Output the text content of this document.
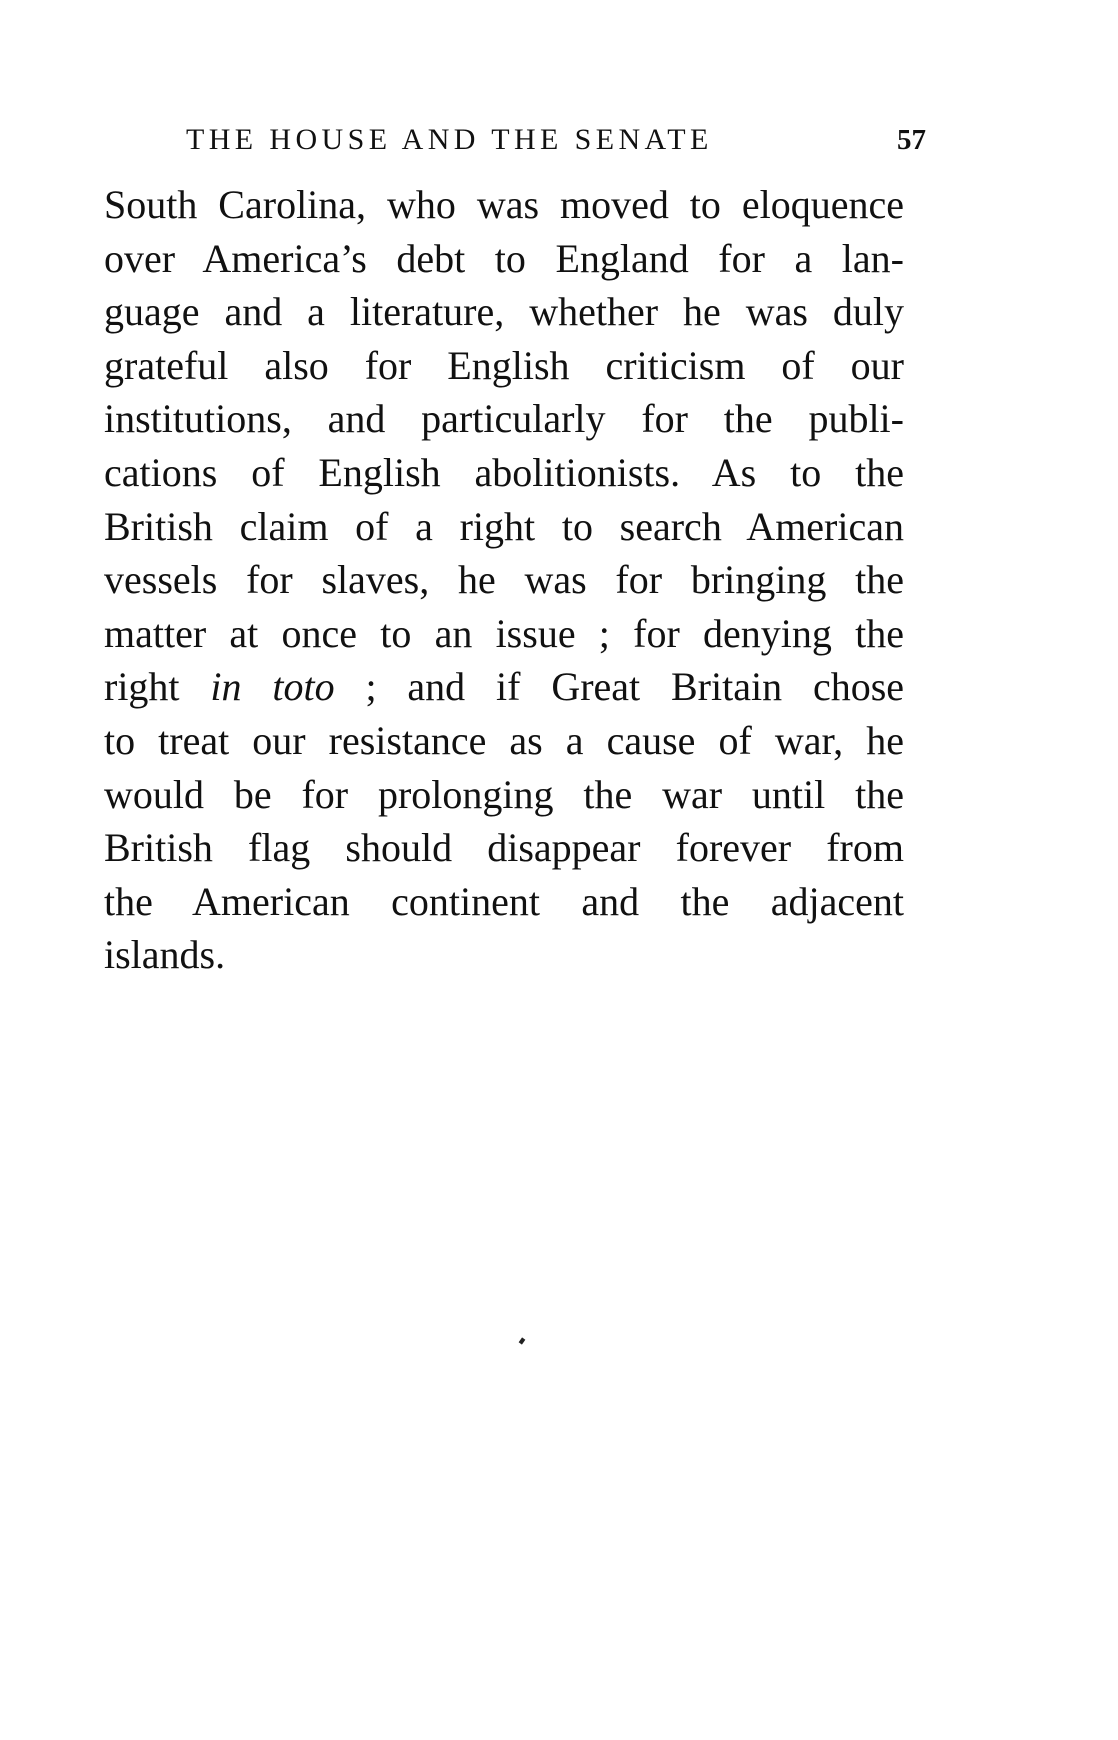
THE HOUSE AND THE SENATE	57
South Carolina, who was moved to eloquence
over America’s debt to England for a lan-
guage and a literature, whether he was duly
grateful also for English criticism of our
institutions, and particularly for the publi-
cations of English abolitionists. As to the
British claim of a right to search American
vessels for slaves, he was for bringing the
matter at once to an issue ; for denying the
right in toto ; and if Great Britain chose
to treat our resistance as a cause of war, he
would be for prolonging the war until the
British flag should disappear forever from
the American continent and the adjacent
islands.
